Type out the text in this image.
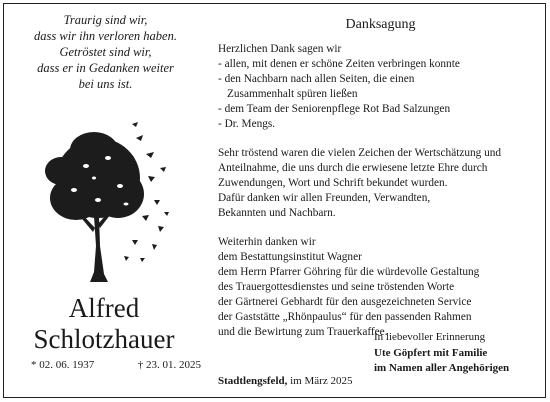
Traurig sind wir,
dass wir ihn verloren haben.
Getröstet sind wir,
dass er in Gedanken weiter
bei uns ist.
Alfred
Schlotzhauer
* 02. 06. 1937	† 23. 01. 2025
Danksagung
Herzlichen Dank sagen wir
- allen, mit denen er schöne Zeiten verbringen konnte
- den Nachbarn nach allen Seiten, die einen
Zusammenhalt spüren ließen
- dem Team der Seniorenpflege Rot Bad Salzungen
- Dr. Mengs.
Sehr tröstend waren die vielen Zeichen der Wertschätzung und
Anteilnahme, die uns durch die erwiesene letzte Ehre durch
Zuwendungen, Wort und Schrift bekundet wurden.
Dafür danken wir allen Freunden, Verwandten,
Bekannten und Nachbarn.
Weiterhin danken wir
dem Bestattungsinstitut Wagner
dem Herrn Pfarrer Göhring für die würdevolle Gestaltung
des Trauergottesdienstes und seine tröstenden Worte
der Gärtnerei Gebhardt für den ausgezeichneten Service
der Gaststätte „Rhönpaulus“ für den passenden Rahmen
und die Bewirtung zum Trauerkaffee.
In liebevoller Erinnerung
Ute Göpfert mit Familie
im Namen aller Angehörigen
Stadtlengsfeld, im März 2025
